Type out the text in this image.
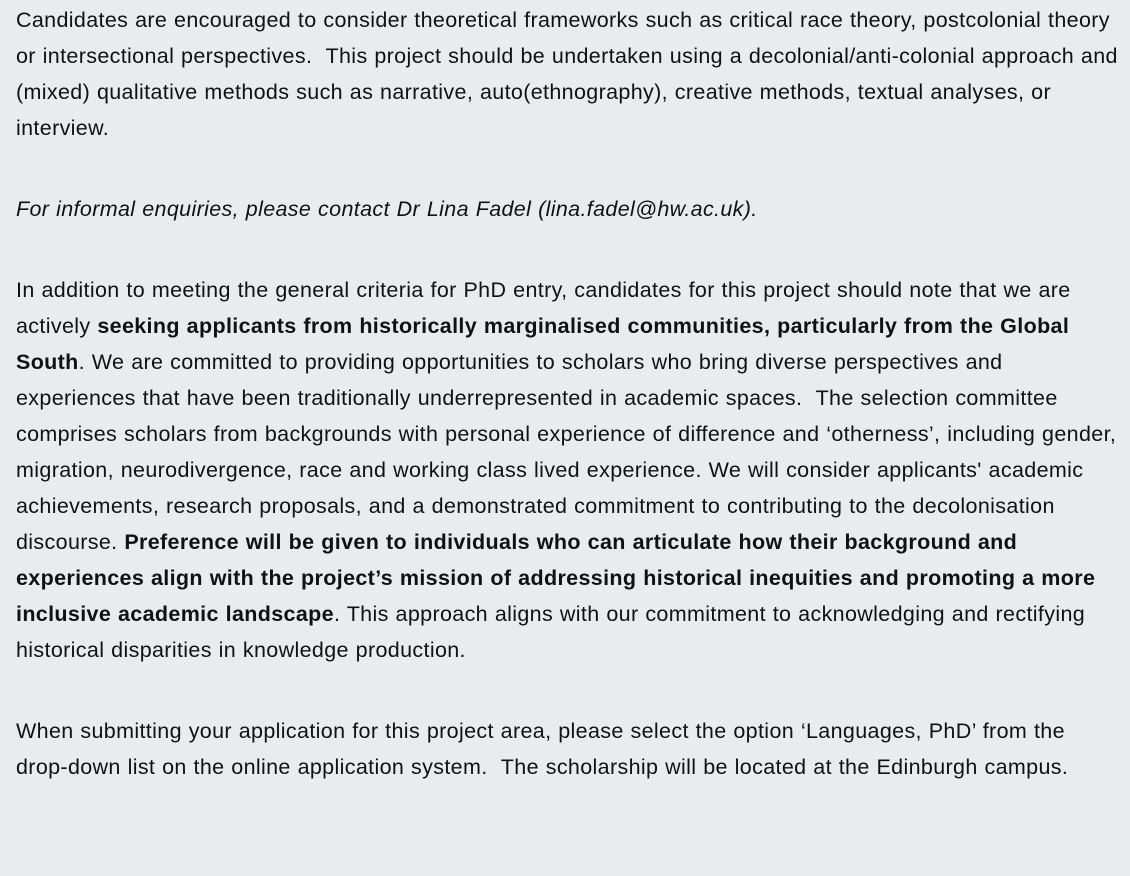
Candidates are encouraged to consider theoretical frameworks such as critical race theory, postcolonial theory or intersectional perspectives.  This project should be undertaken using a decolonial/anti-colonial approach and (mixed) qualitative methods such as narrative, auto(ethnography), creative methods, textual analyses, or interview.

For informal enquiries, please contact Dr Lina Fadel (lina.fadel@hw.ac.uk).

In addition to meeting the general criteria for PhD entry, candidates for this project should note that we are actively seeking applicants from historically marginalised communities, particularly from the Global South. We are committed to providing opportunities to scholars who bring diverse perspectives and experiences that have been traditionally underrepresented in academic spaces.  The selection committee comprises scholars from backgrounds with personal experience of difference and ‘otherness’, including gender, migration, neurodivergence, race and working class lived experience. We will consider applicants' academic achievements, research proposals, and a demonstrated commitment to contributing to the decolonisation discourse. Preference will be given to individuals who can articulate how their background and experiences align with the project’s mission of addressing historical inequities and promoting a more inclusive academic landscape. This approach aligns with our commitment to acknowledging and rectifying historical disparities in knowledge production.

When submitting your application for this project area, please select the option ‘Languages, PhD’ from the drop-down list on the online application system.  The scholarship will be located at the Edinburgh campus.
